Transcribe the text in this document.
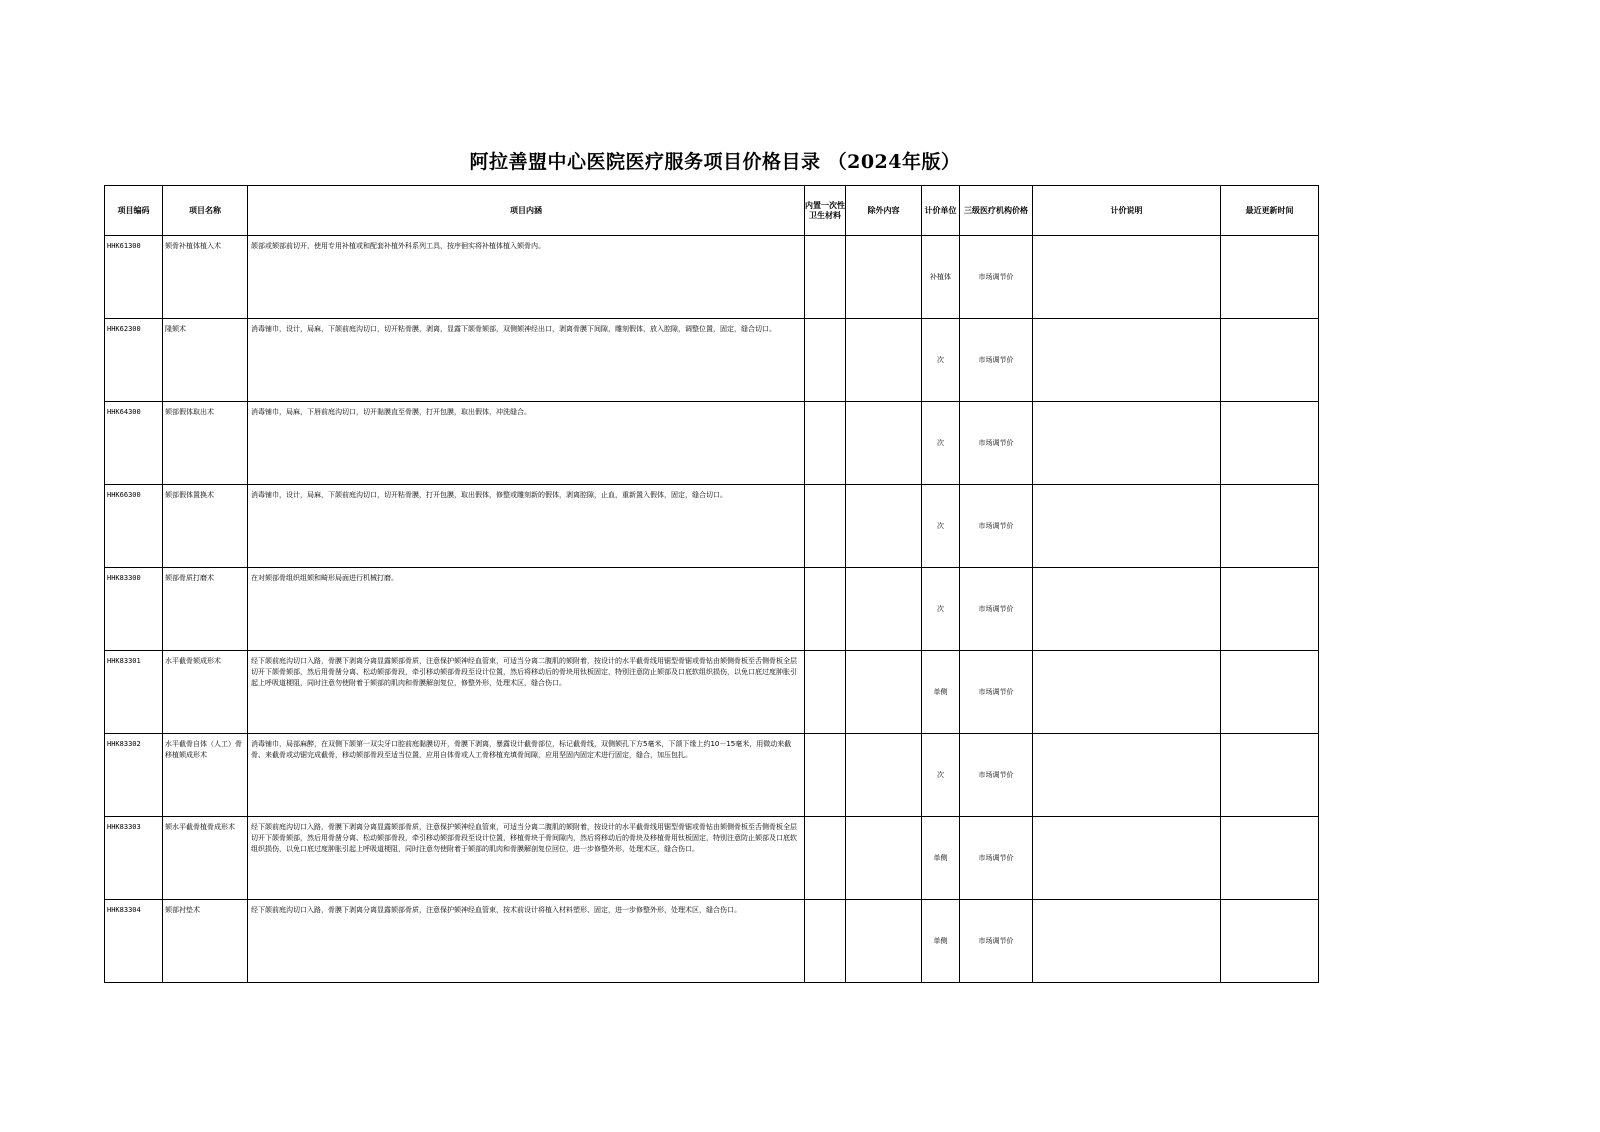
阿拉善盟中心医院医疗服务项目价格目录 （2024年版）
项目编码	项目名称	项目内涵	内置一次性卫生材料	除外内容	计价单位	三级医疗机构价格	计价说明	最近更新时间
HHK61300	颏骨补植体植入术	颌部或颏部前切开，使用专用补植或和配套补植外科系列工具，按序徊实将补植体植入颏骨内。			补植体	市场调节价		
HHK62300	隆颏术	消毒铺巾，设计，局麻，下颌前庭沟切口，切开粘骨膜，剥离，显露下颌骨颏部，双侧颏神经出口，剥离骨膜下间隙，雕刻假体，放入腔隙，调整位置，固定，缝合切口。			次	市场调节价		
HHK64300	颏部假体取出术	消毒铺巾，局麻，下唇前庭沟切口，切开黏膜直至骨膜，打开包膜，取出假体，冲洗缝合。			次	市场调节价		
HHK66300	颏部假体置换术	消毒铺巾，设计，局麻，下颌前庭沟切口，切开粘骨膜，打开包膜，取出假体，修整或雕刻新的假体，剥离腔隙，止血，重新置入假体，固定，缝合切口。			次	市场调节价		
HHK83300	颏部骨质打磨术	在对颏部骨组织组颏和畸形局面进行机械打磨。			次	市场调节价		
HHK83301	水平截骨颏成形术	经下颌前庭沟切口入路，骨膜下剥离分离显露颏部骨质，注意保护颏神经血管束，可适当分离二腹肌的颏附着，按设计的水平截骨线用锯型骨锯或骨钻由颏侧骨板至舌侧骨板全层切开下颌骨颏部，然后用骨凿分离、松动颏部骨段，牵引移动颏部骨段至设计位置，然后将移动后的骨块用钛板固定，特别注意防止颏部及口底软组织损伤，以免口底过度肿胀引起上呼吸道梗阻，同时注意勿使附着于颏部的肌肉和骨膜解剖复位，修整外形，处理术区，缝合伤口。			单侧	市场调节价		
HHK83302	水平截骨自体（人工）骨移植颏成形术	消毒铺巾，局部麻醉，在双侧下颌第一双尖牙口腔前庭黏膜切开，骨膜下剥离，暴露设计截骨部位，标记截骨线，双侧颏孔下方5毫米，下颌下缘上约10－15毫米，用微动来截骨、来截骨或动锯完成截骨，移动颏部骨段至适当位置，应用自体骨或人工骨移植充填骨间隙，应用坚固内固定术进行固定，缝合，加压包扎。			次	市场调节价		
HHK83303	颏水平截骨植骨成形术	经下颌前庭沟切口入路，骨膜下剥离分离显露颏部骨质，注意保护颏神经血管束，可适当分离二腹肌的颏附着，按设计的水平截骨线用锯型骨锯或骨钻由颏侧骨板至舌侧骨板全层切开下颌骨颏部，然后用骨凿分离、松动颏部骨段，牵引移动颏部骨段至设计位置，移植骨块于骨间隙内，然后将移动后的骨块及移植骨用钛板固定，特别注意防止颏部及口底软组织损伤，以免口底过度肿胀引起上呼吸道梗阻，同时注意勿使附着于颏部的肌肉和骨膜解剖复位回位，进一步修整外形，处理术区，缝合伤口。			单侧	市场调节价		
HHK83304	颏部衬垫术	经下颌前庭沟切口入路，骨膜下剥离分离显露颏部骨质，注意保护颏神经血管束，按术前设计将植入材料塑形、固定，进一步修整外形，处理术区，缝合伤口。			单侧	市场调节价		
